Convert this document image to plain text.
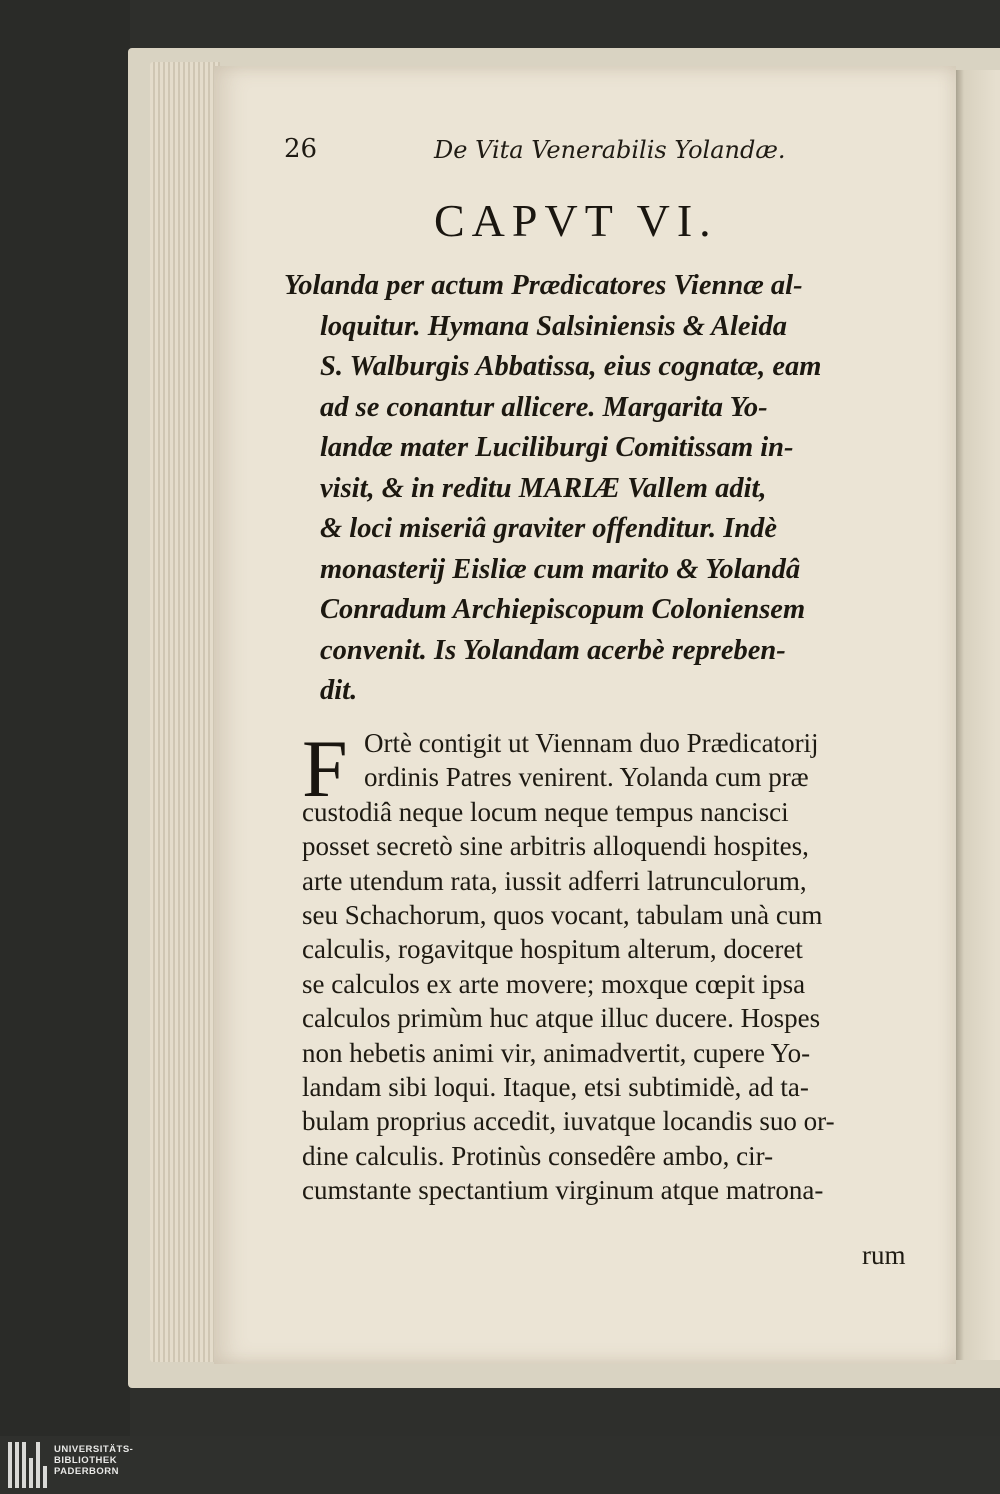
26	De Vita Venerabilis Yolandæ.
CAPVT VI.
Yolanda per actum Prædicatores Viennæ al-
loquitur. Hymana Salsiniensis & Aleida
S. Walburgis Abbatissa, eius cognatæ, eam
ad se conantur allicere. Margarita Yo-
landæ mater Luciliburgi Comitissam in-
visit, & in reditu MARIÆ Vallem adit,
& loci miseriâ graviter offenditur. Indè
monasterij Eisliæ cum marito & Yolandâ
Conradum Archiepiscopum Coloniensem
convenit. Is Yolandam acerbè repreben-
dit.
F Ortè contigit ut Viennam duo Prædicatorij
ordinis Patres venirent. Yolanda cum præ
custodiâ neque locum neque tempus nancisci
posset secretò sine arbitris alloquendi hospites,
arte utendum rata, iussit adferri latrunculorum,
seu Schachorum, quos vocant, tabulam unà cum
calculis, rogavitque hospitum alterum, doceret
se calculos ex arte movere; moxque cœpit ipsa
calculos primùm huc atque illuc ducere. Hospes
non hebetis animi vir, animadvertit, cupere Yo-
landam sibi loqui. Itaque, etsi subtimidè, ad ta-
bulam proprius accedit, iuvatque locandis suo or-
dine calculis. Protinùs consedêre ambo, cir-
cumstante spectantium virginum atque matrona-
rum
UNIVERSITÄTS-
BIBLIOTHEK
PADERBORN
